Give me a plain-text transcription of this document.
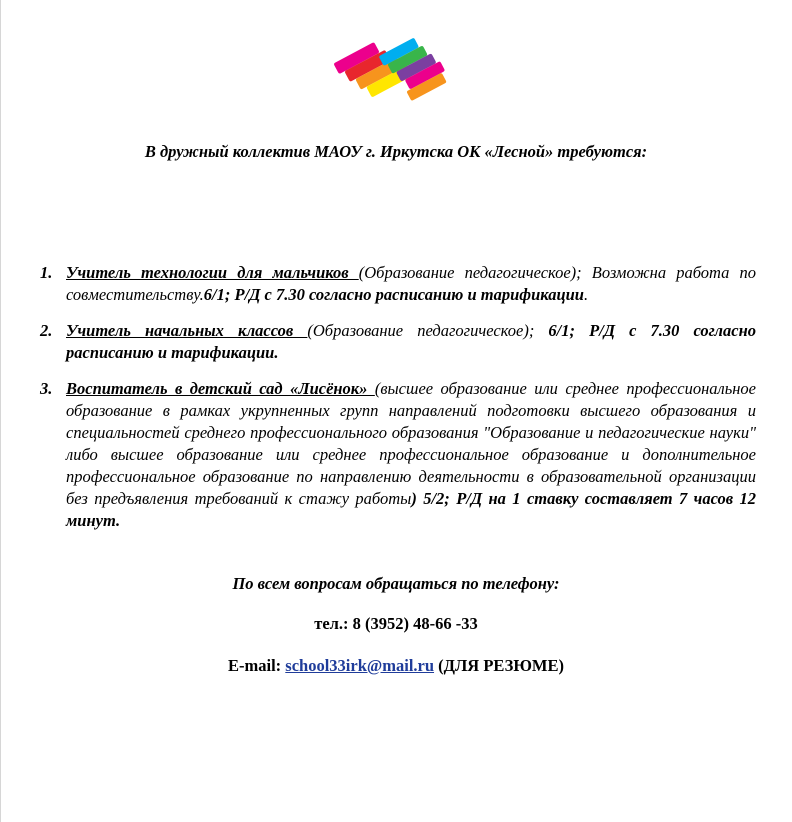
В дружный коллектив МАОУ г. Иркутска ОК «Лесной» требуются:
1. Учитель технологии для мальчиков (Образование педагогическое); Возможна работа по совместительству.6/1; Р/Д с 7.30 согласно расписанию и тарификации.
2. Учитель начальных классов (Образование педагогическое); 6/1; Р/Д с 7.30 согласно расписанию и тарификации.
3. Воспитатель в детский сад «Лисёнок» (высшее образование или среднее профессиональное образование в рамках укрупненных групп направлений подготовки высшего образования и специальностей среднего профессионального образования "Образование и педагогические науки" либо высшее образование или среднее профессиональное образование и дополнительное профессиональное образование по направлению деятельности в образовательной организации без предъявления требований к стажу работы) 5/2; Р/Д на 1 ставку составляет 7 часов 12 минут.
По всем вопросам обращаться по телефону:
тел.: 8 (3952) 48-66 -33
E-mail: school33irk@mail.ru (ДЛЯ РЕЗЮМЕ)
